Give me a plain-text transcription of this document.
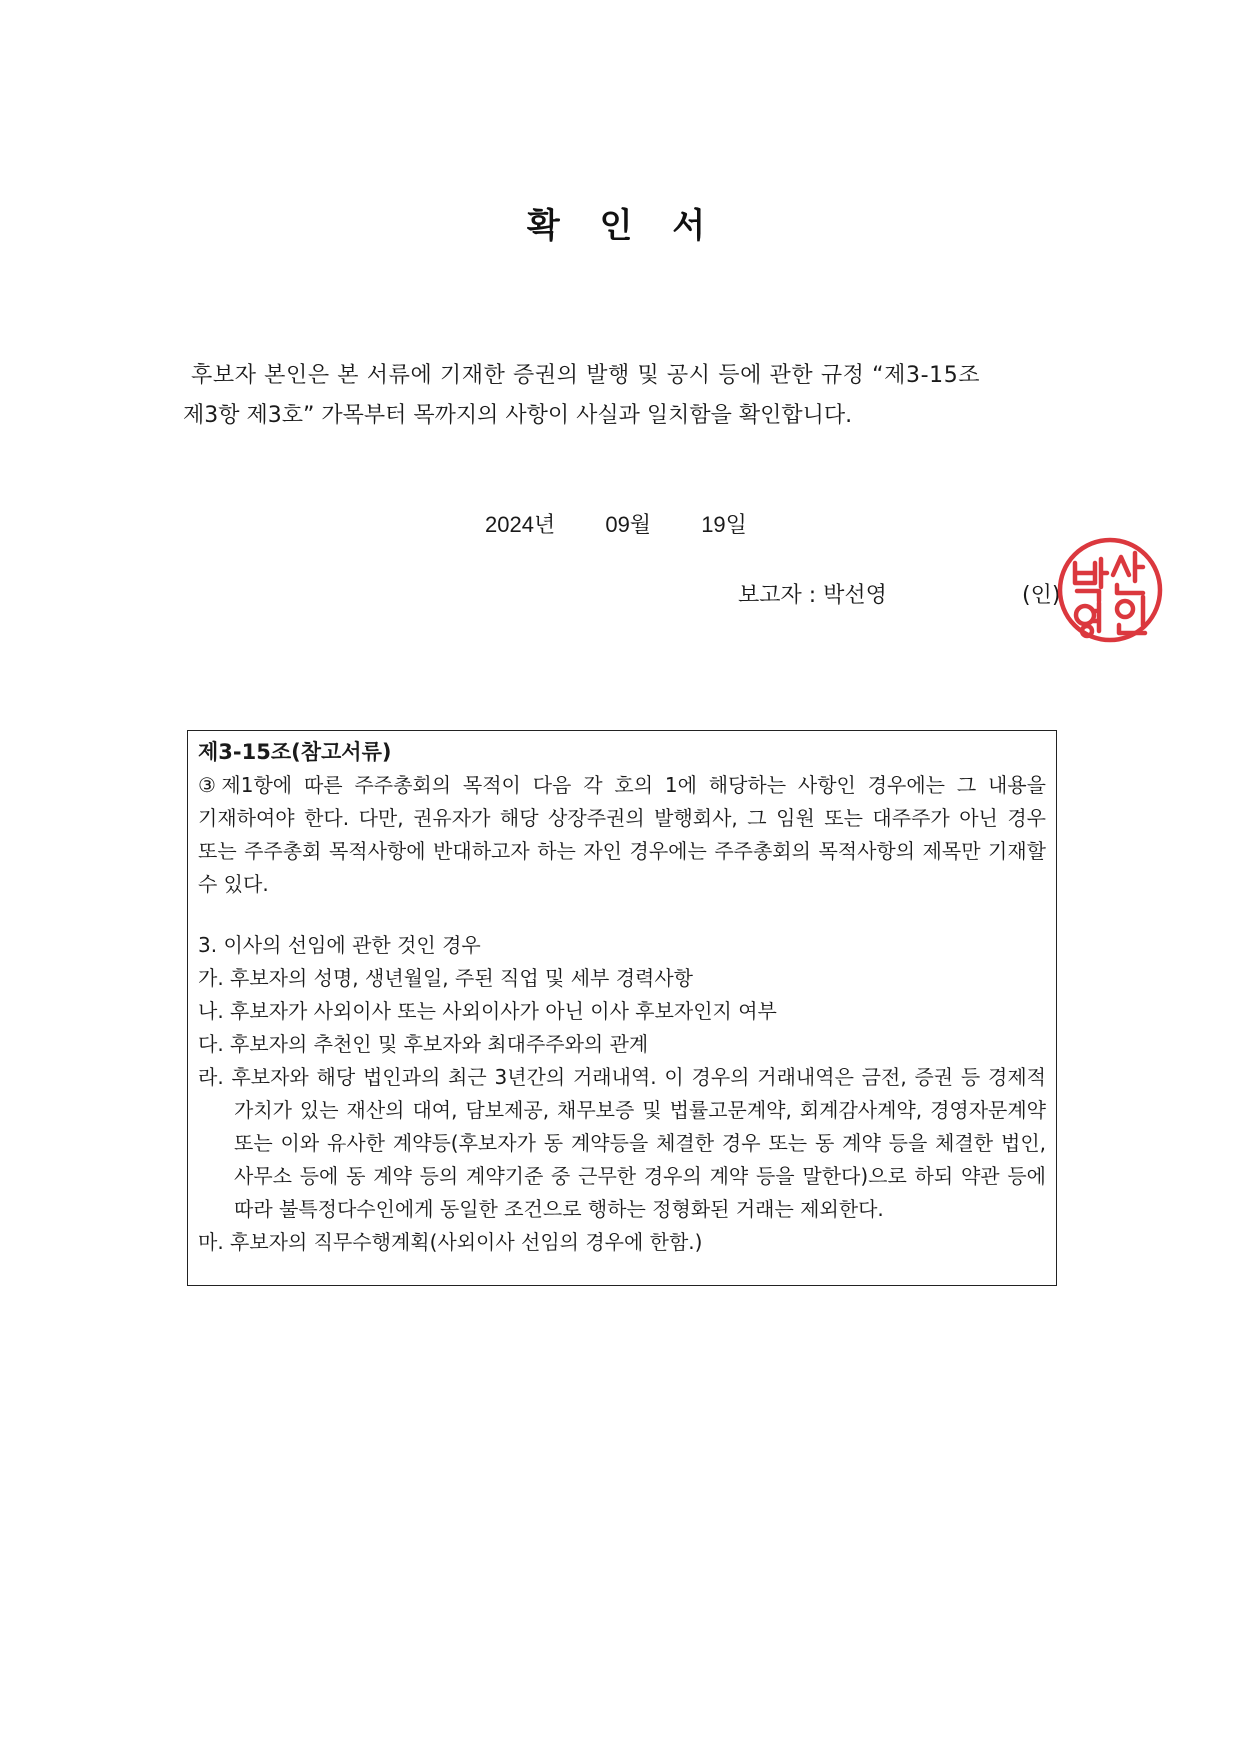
확 인 서
후보자 본인은 본 서류에 기재한 증권의 발행 및 공시 등에 관한 규정 “제3-15조
제3항 제3호” 가목부터 목까지의 사항이 사실과 일치함을 확인합니다.
2024년 09월 19일
보고자 : 박선영	(인)
제3-15조(참고서류)
③제1항에 따른 주주총회의 목적이 다음 각 호의 1에 해당하는 사항인 경우에는 그 내용을 기재하여야 한다. 다만, 권유자가 해당 상장주권의 발행회사, 그 임원 또는 대주주가 아닌 경우 또는 주주총회 목적사항에 반대하고자 하는 자인 경우에는 주주총회의 목적사항의 제목만 기재할 수 있다.
3. 이사의 선임에 관한 것인 경우
가. 후보자의 성명, 생년월일, 주된 직업 및 세부 경력사항
나. 후보자가 사외이사 또는 사외이사가 아닌 이사 후보자인지 여부
다. 후보자의 추천인 및 후보자와 최대주주와의 관계
라. 후보자와 해당 법인과의 최근 3년간의 거래내역. 이 경우의 거래내역은 금전, 증권 등 경제적 가치가 있는 재산의 대여, 담보제공, 채무보증 및 법률고문계약, 회계감사계약, 경영자문계약 또는 이와 유사한 계약등(후보자가 동 계약등을 체결한 경우 또는 동 계약 등을 체결한 법인,사무소 등에 동 계약 등의 계약기준 중 근무한 경우의 계약 등을 말한다)으로 하되 약관 등에 따라 불특정다수인에게 동일한 조건으로 행하는 정형화된 거래는 제외한다.
마. 후보자의 직무수행계획(사외이사 선임의 경우에 한함.)
